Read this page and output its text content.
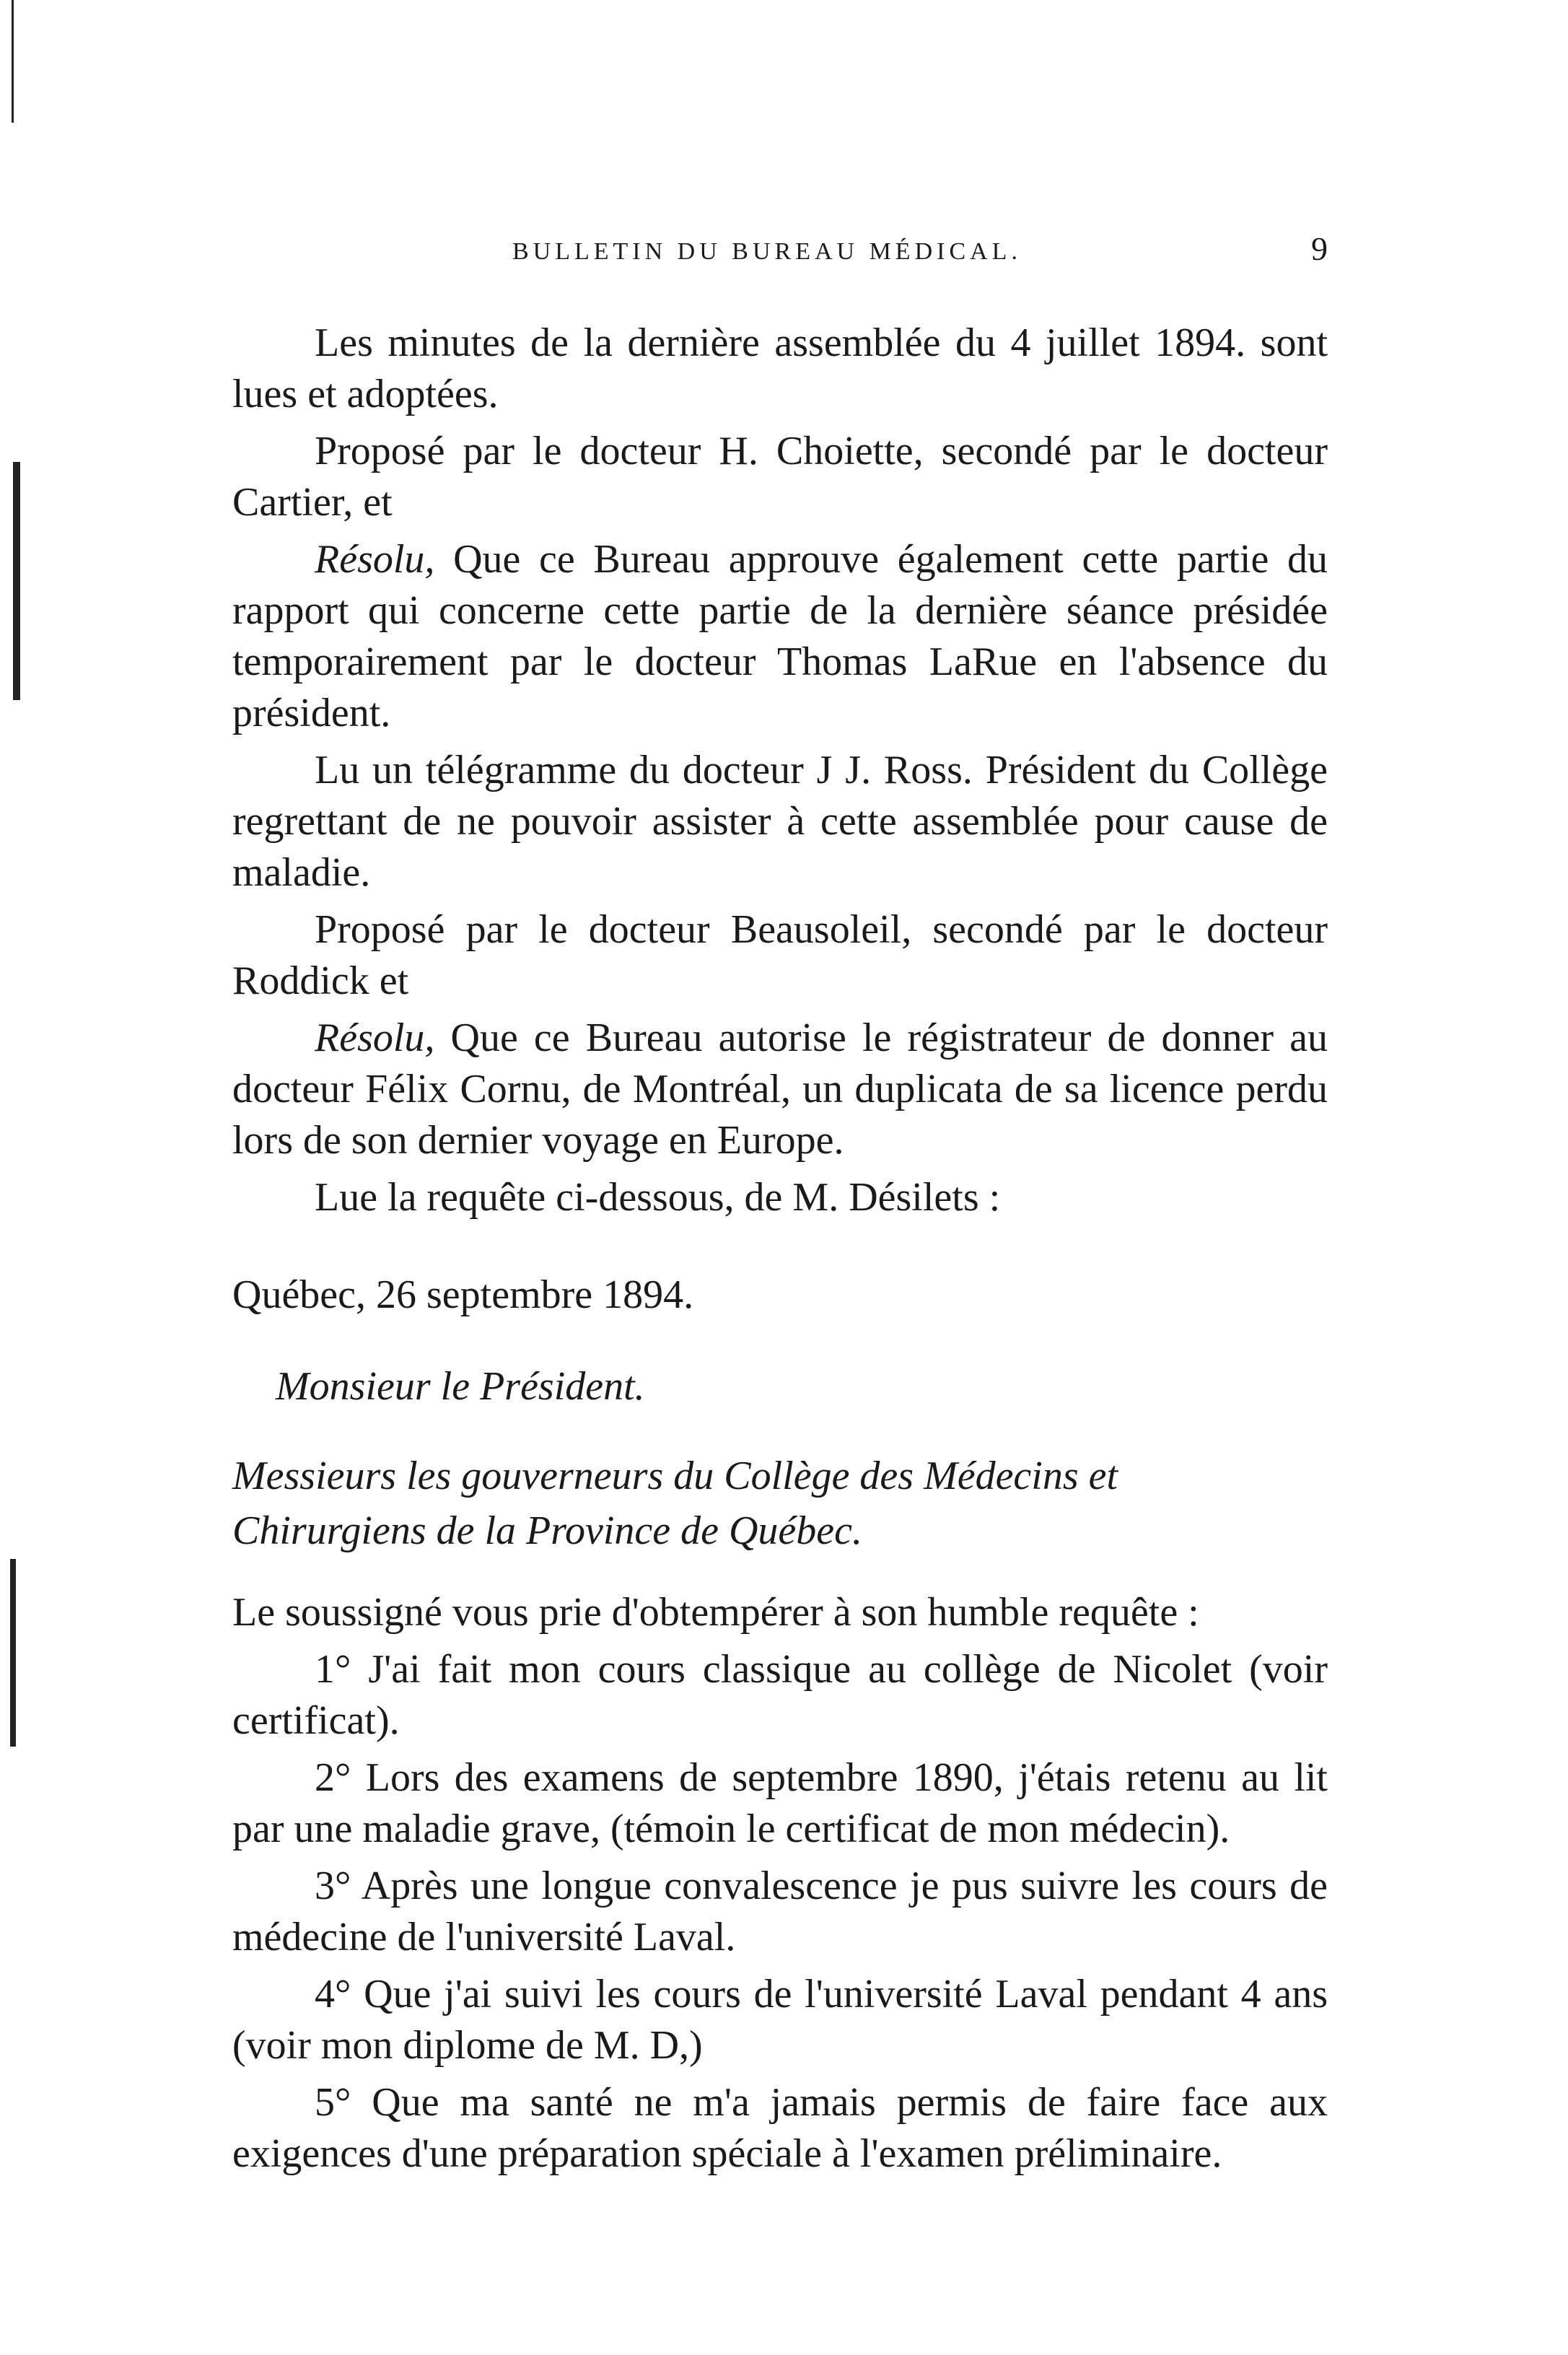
BULLETIN DU BUREAU MÉDICAL.	9

Les minutes de la dernière assemblée du 4 juillet 1894. sont lues et adoptées.

Proposé par le docteur H. Choiette, secondé par le docteur Cartier, et

Résolu, Que ce Bureau approuve également cette partie du rapport qui concerne cette partie de la dernière séance présidée temporairement par le docteur Thomas LaRue en l'absence du président.

Lu un télégramme du docteur J J. Ross. Président du Collège regrettant de ne pouvoir assister à cette assemblée pour cause de maladie.

Proposé par le docteur Beausoleil, secondé par le docteur Roddick et

Résolu, Que ce Bureau autorise le régistrateur de donner au docteur Félix Cornu, de Montréal, un duplicata de sa licence perdu lors de son dernier voyage en Europe.

Lue la requête ci-dessous, de M. Désilets :

Québec, 26 septembre 1894.

Monsieur le Président.

Messieurs les gouverneurs du Collège des Médecins et
Chirurgiens de la Province de Québec.

Le soussigné vous prie d'obtempérer à son humble requête :

1° J'ai fait mon cours classique au collège de Nicolet (voir certificat).

2° Lors des examens de septembre 1890, j'étais retenu au lit par une maladie grave, (témoin le certificat de mon médecin).

3° Après une longue convalescence je pus suivre les cours de médecine de l'université Laval.

4° Que j'ai suivi les cours de l'université Laval pendant 4 ans (voir mon diplome de M. D,)

5° Que ma santé ne m'a jamais permis de faire face aux exigences d'une préparation spéciale à l'examen préliminaire.
